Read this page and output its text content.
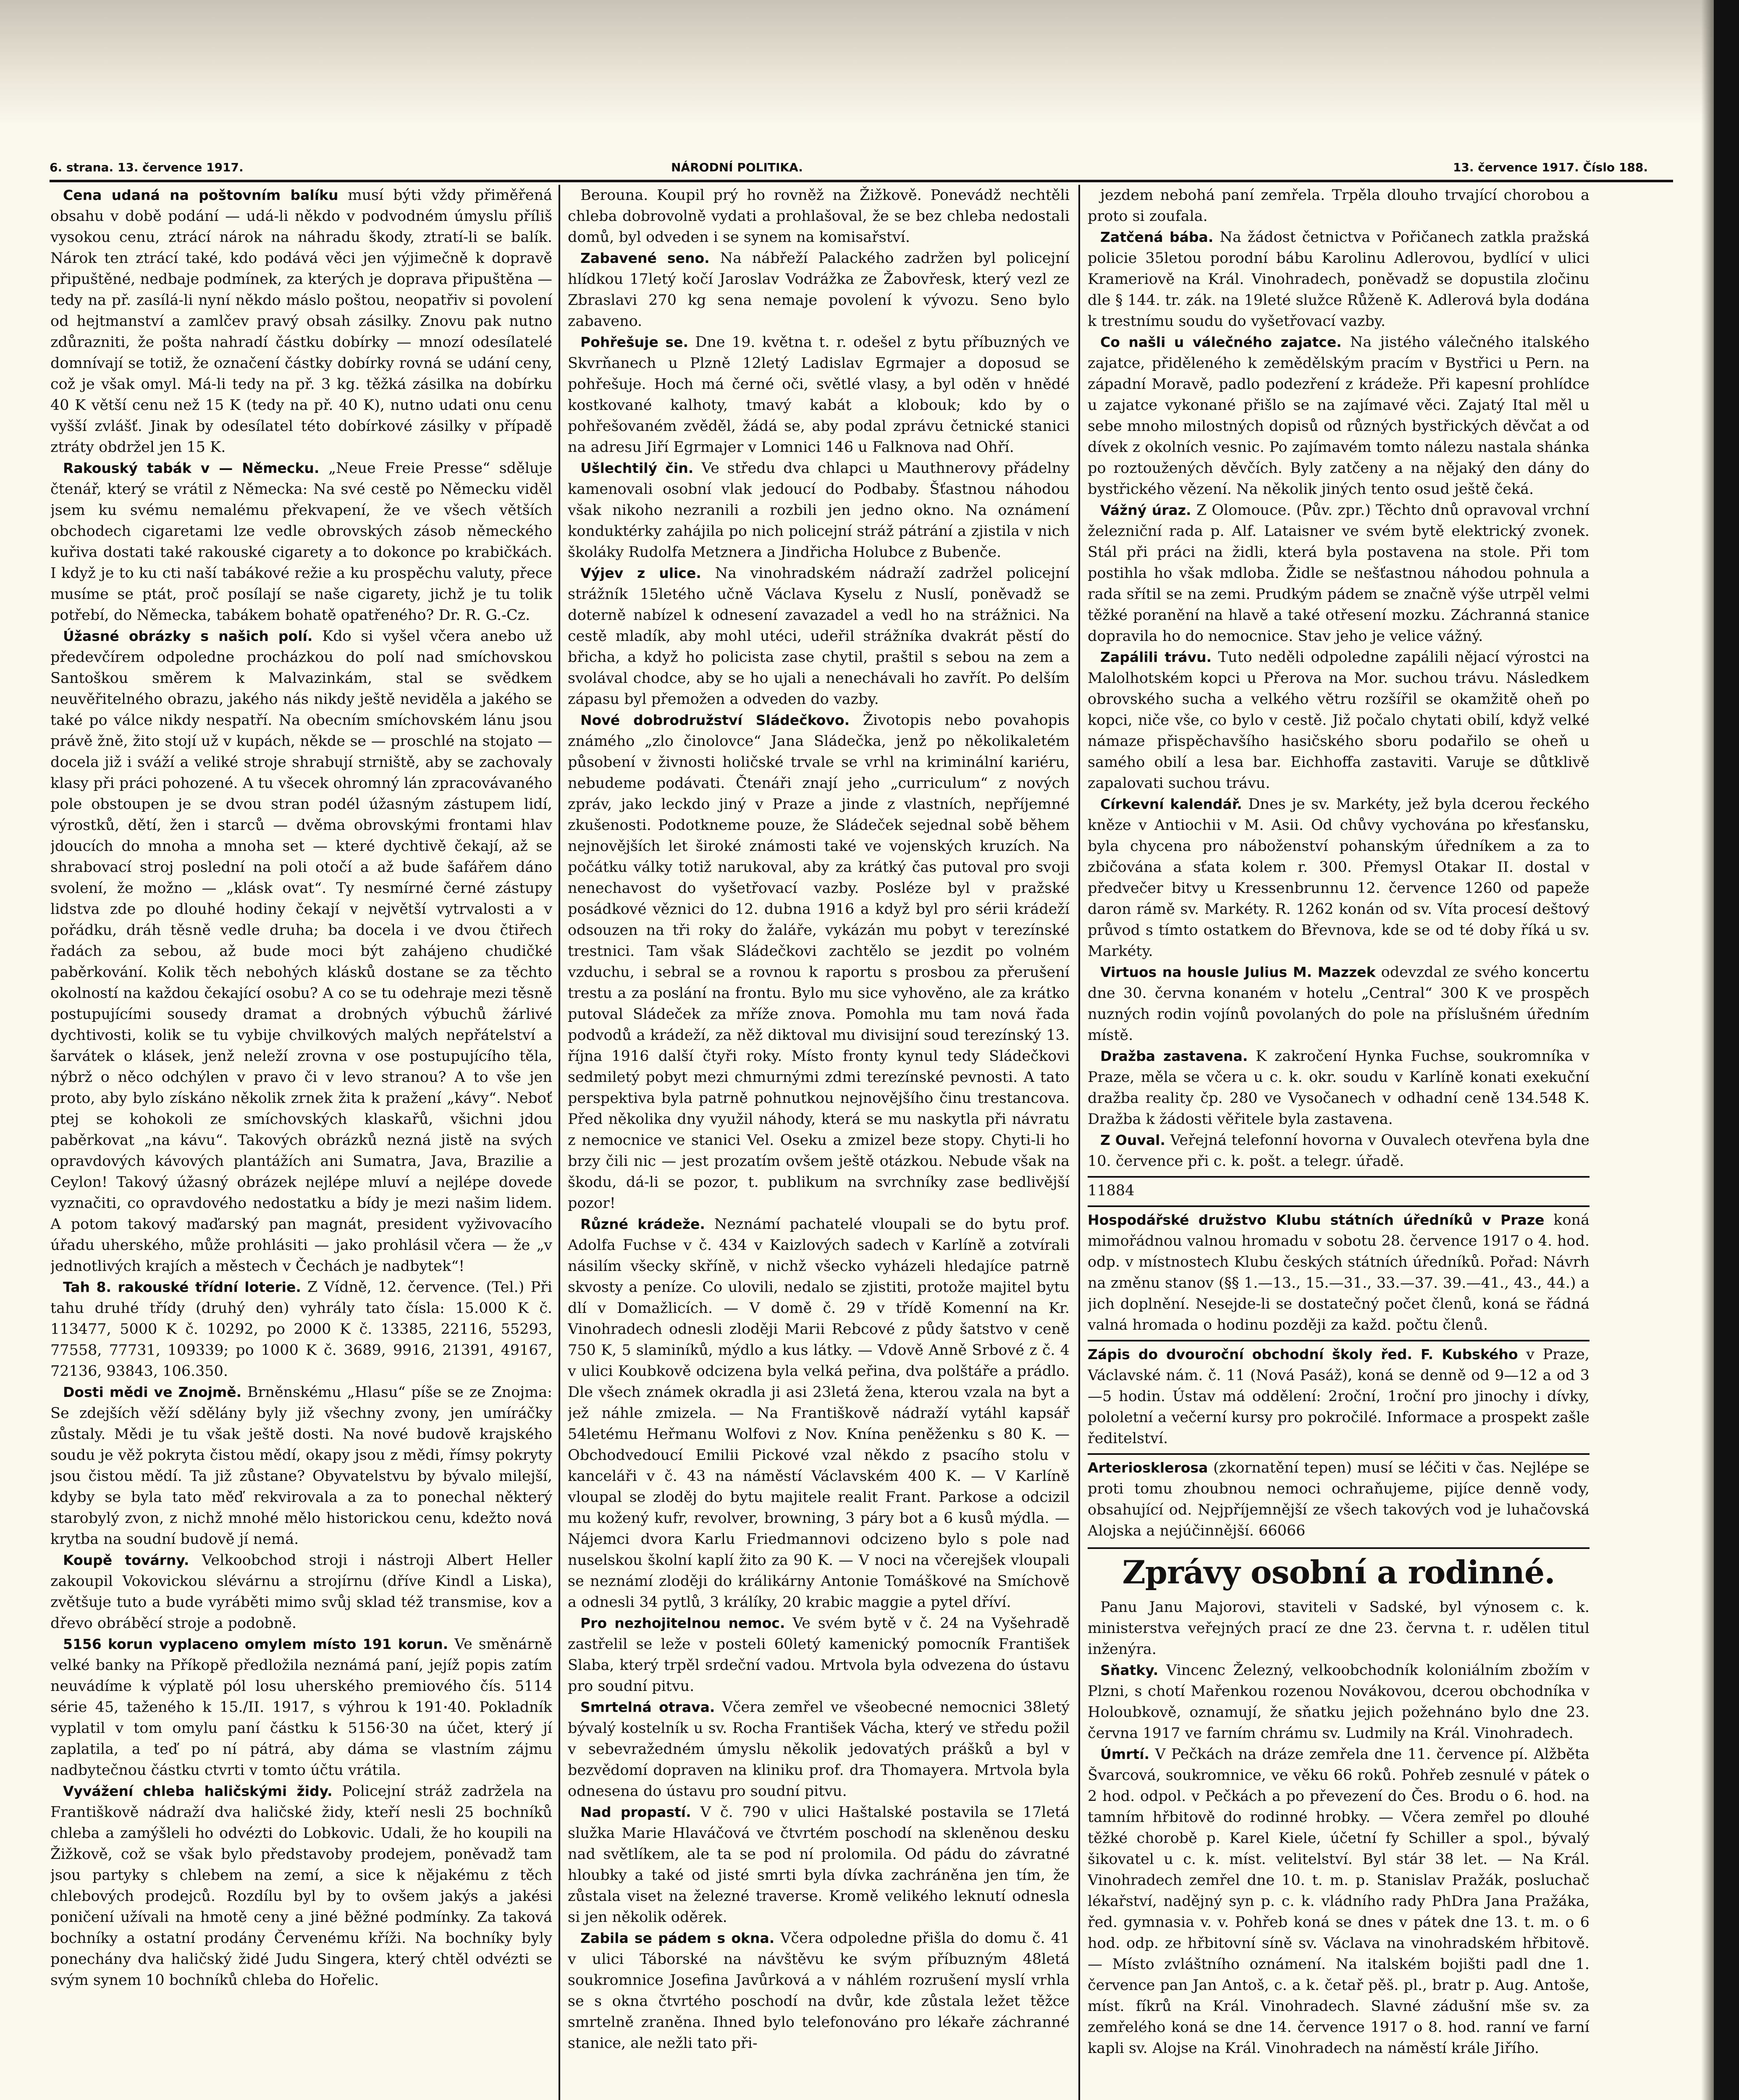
6. strana. 13. července 1917.	NÁRODNÍ POLITIKA.	13. července 1917. Číslo 188.

Cena udaná na poštovním balíku musí býti vždy přiměřená obsahu v době podání — udá-li někdo v podvodném úmyslu příliš vysokou cenu, ztrácí nárok na náhradu škody, ztratí-li se balík. Nárok ten ztrácí také, kdo podává věci jen výjimečně k dopravě připuštěné, nedbaje podmínek, za kterých je doprava připuštěna — tedy na př. zasílá-li nyní někdo máslo poštou, neopatřiv si povolení od hejtmanství a zamlčev pravý obsah zásilky. Znovu pak nutno zdůrazniti, že pošta nahradí částku dobírky — mnozí odesílatelé domnívají se totiž, že označení částky dobírky rovná se udání ceny, což je však omyl. Má-li tedy na př. 3 kg. těžká zásilka na dobírku 40 K větší cenu než 15 K (tedy na př. 40 K), nutno udati onu cenu vyšší zvlášť. Jinak by odesílatel této dobírkové zásilky v případě ztráty obdržel jen 15 K.

Rakouský tabák v — Německu. „Neue Freie Presse“ sděluje čtenář, který se vrátil z Německa: Na své cestě po Německu viděl jsem ku svému nemalému překvapení, že ve všech větších obchodech cigaretami lze vedle obrovských zásob německého kuřiva dostati také rakouské cigarety a to dokonce po krabičkách. I když je to ku cti naší tabákové režie a ku prospěchu valuty, přece musíme se ptát, proč posílají se naše cigarety, jichž je tu tolik potřebí, do Německa, tabákem bohatě opatřeného? Dr. R. G.-Cz.

Úžasné obrázky s našich polí. Kdo si vyšel včera anebo už předevčírem odpoledne procházkou do polí nad smíchovskou Santoškou směrem k Malvazinkám, stal se svědkem neuvěřitelného obrazu, jakého nás nikdy ještě neviděla a jakého se také po válce nikdy nespatří. Na obecním smíchovském lánu jsou právě žně, žito stojí už v kupách, někde se — proschlé na stojato — docela již i sváží a veliké stroje shrabují strniště, aby se zachovaly klasy při práci pohozené. A tu všecek ohromný lán zpracovávaného pole obstoupen je se dvou stran podél úžasným zástupem lidí, výrostků, dětí, žen i starců — dvěma obrovskými frontami hlav jdoucích do mnoha a mnoha set — které dychtivě čekají, až se shrabovací stroj poslední na poli otočí a až bude šafářem dáno svolení, že možno — „klásk ovat“. Ty nesmírné černé zástupy lidstva zde po dlouhé hodiny čekají v největší vytrvalosti a v pořádku, dráh těsně vedle druha; ba docela i ve dvou čtiřech řadách za sebou, až bude moci být zahájeno chudičké paběrkování. Kolik těch nebohých klásků dostane se za těchto okolností na každou čekající osobu? A co se tu odehraje mezi těsně postupujícími sousedy dramat a drobných výbuchů žárlivé dychtivosti, kolik se tu vybije chvilkových malých nepřátelství a šarvátek o klásek, jenž neleží zrovna v ose postupujícího těla, nýbrž o něco odchýlen v pravo či v levo stranou? A to vše jen proto, aby bylo získáno několik zrnek žita k pražení „kávy“. Neboť ptej se kohokoli ze smíchovských klaskařů, všichni jdou paběrkovat „na kávu“. Takových obrázků nezná jistě na svých opravdových kávových plantážích ani Sumatra, Java, Brazilie a Ceylon! Takový úžasný obrázek nejlépe mluví a nejlépe dovede vyznačiti, co opravdového nedostatku a bídy je mezi našim lidem. A potom takový maďarský pan magnát, president vyživovacího úřadu uherského, může prohlásiti — jako prohlásil včera — že „v jednotlivých krajích a městech v Čechách je nadbytek“!

Tah 8. rakouské třídní loterie. Z Vídně, 12. července. (Tel.) Při tahu druhé třídy (druhý den) vyhrály tato čísla: 15.000 K č. 113477, 5000 K č. 10292, po 2000 K č. 13385, 22116, 55293, 77558, 77731, 109339; po 1000 K č. 3689, 9916, 21391, 49167, 72136, 93843, 106.350.

Dosti mědi ve Znojmě. Brněnskému „Hlasu“ píše se ze Znojma: Se zdejších věží sdělány byly již všechny zvony, jen umíráčky zůstaly. Mědi je tu však ještě dosti. Na nové budově krajského soudu je věž pokryta čistou mědí, okapy jsou z mědi, římsy pokryty jsou čistou mědí. Ta již zůstane? Obyvatelstvu by bývalo milejší, kdyby se byla tato měď rekvirovala a za to ponechal některý starobylý zvon, z nichž mnohé mělo historickou cenu, kdežto nová krytba na soudní budově jí nemá.

Koupě továrny. Velkoobchod stroji i nástroji Albert Heller zakoupil Vokovickou slévárnu a strojírnu (dříve Kindl a Liska), zvětšuje tuto a bude vyráběti mimo svůj sklad též transmise, kov a dřevo obráběcí stroje a podobně.

5156 korun vyplaceno omylem místo 191 korun. Ve směnárně velké banky na Příkopě předložila neznámá paní, jejíž popis zatím neuvádíme k výplatě pól losu uherského premiového čís. 5114 série 45, taženého k 15./II. 1917, s výhrou k 191·40. Pokladník vyplatil v tom omylu paní částku k 5156·30 na účet, který jí zaplatila, a teď po ní pátrá, aby dáma se vlastním zájmu nadbytečnou částku ctvrti v tomto účtu vrátila.

Vyvážení chleba haličskými židy. Policejní stráž zadržela na Františkově nádraží dva haličské židy, kteří nesli 25 bochníků chleba a zamýšleli ho odvézti do Lobkovic. Udali, že ho koupili na Žižkově, což se však bylo představoby prodejem, poněvadž tam jsou partyky s chlebem na zemí, a sice k nějakému z těch chlebových prodejců. Rozdílu byl by to ovšem jakýs a jakési poničení užívali na hmotě ceny a jiné běžné podmínky. Za taková bochníky a ostatní prodány Červenému kříži. Na bochníky byly ponechány dva haličský židé Judu Singera, který chtěl odvézti se svým synem 10 bochníků chleba do Hořelic.

Berouna. Koupil prý ho rovněž na Žižkově. Ponevádž nechtěli chleba dobrovolně vydati a prohlašoval, že se bez chleba nedostali domů, byl odveden i se synem na komisařství.

Zabavené seno. Na nábřeží Palackého zadržen byl policejní hlídkou 17letý kočí Jaroslav Vodrážka ze Žabovřesk, který vezl ze Zbraslavi 270 kg sena nemaje povolení k vývozu. Seno bylo zabaveno.

Pohřešuje se. Dne 19. května t. r. odešel z bytu příbuzných ve Skvrňanech u Plzně 12letý Ladislav Egrmajer a doposud se pohřešuje. Hoch má černé oči, světlé vlasy, a byl oděn v hnědé kostkované kalhoty, tmavý kabát a klobouk; kdo by o pohřešovaném zvěděl, žádá se, aby podal zprávu četnické stanici na adresu Jiří Egrmajer v Lomnici 146 u Falknova nad Ohří.

Ušlechtilý čin. Ve středu dva chlapci u Mauthnerovy přádelny kamenovali osobní vlak jedoucí do Podbaby. Šťastnou náhodou však nikoho nezranili a rozbili jen jedno okno. Na oznámení konduktérky zahájila po nich policejní stráž pátrání a zjistila v nich školáky Rudolfa Metznera a Jindřicha Holubce z Bubenče.

Výjev z ulice. Na vinohradském nádraží zadržel policejní strážník 15letého učně Václava Kyselu z Nuslí, poněvadž se doterně nabízel k odnesení zavazadel a vedl ho na strážnici. Na cestě mladík, aby mohl utéci, udeřil strážníka dvakrát pěstí do břicha, a když ho policista zase chytil, praštil s sebou na zem a svolával chodce, aby se ho ujali a nenechávali ho zavřít. Po delším zápasu byl přemožen a odveden do vazby.

Nové dobrodružství Sládečkovo. Životopis nebo povahopis známého „zlo činolovce“ Jana Sládečka, jenž po několikaletém působení v živnosti holičské trvale se vrhl na kriminální kariéru, nebudeme podávati. Čtenáři znají jeho „curriculum“ z nových zpráv, jako leckdo jiný v Praze a jinde z vlastních, nepříjemné zkušenosti. Podotkneme pouze, že Sládeček sejednal sobě během nejnovějších let široké známosti také ve vojenských kruzích. Na počátku války totiž narukoval, aby za krátký čas putoval pro svoji nenechavost do vyšetřovací vazby. Posléze byl v pražské posádkové věznici do 12. dubna 1916 a když byl pro sérii krádeží odsouzen na tři roky do žaláře, vykázán mu pobyt v terezínské trestnici. Tam však Sládečkovi zachtělo se jezdit po volném vzduchu, i sebral se a rovnou k raportu s prosbou za přerušení trestu a za poslání na frontu. Bylo mu sice vyhověno, ale za krátko putoval Sládeček za mříže znova. Pomohla mu tam nová řada podvodů a krádeží, za něž diktoval mu divisijní soud terezínský 13. října 1916 další čtyři roky. Místo fronty kynul tedy Sládečkovi sedmiletý pobyt mezi chmurnými zdmi terezínské pevnosti. A tato perspektiva byla patrně pohnutkou nejnovějšího činu trestancova. Před několika dny využil náhody, která se mu naskytla při návratu z nemocnice ve stanici Vel. Oseku a zmizel beze stopy. Chyti-li ho brzy čili nic — jest prozatím ovšem ještě otázkou. Nebude však na škodu, dá-li se pozor, t. publikum na svrchníky zase bedlivější pozor!

Různé krádeže. Neznámí pachatelé vloupali se do bytu prof. Adolfa Fuchse v č. 434 v Kaizlových sadech v Karlíně a zotvírali násilím všecky skříně, v nichž všecko vyházeli hledajíce patrně skvosty a peníze. Co ulovili, nedalo se zjistiti, protože majitel bytu dlí v Domažlicích. — V domě č. 29 v třídě Komenní na Kr. Vinohradech odnesli zloději Marii Rebcové z půdy šatstvo v ceně 750 K, 5 slaminíků, mýdlo a kus látky. — Vdově Anně Srbové z č. 4 v ulici Koubkově odcizena byla velká peřina, dva polštáře a prádlo. Dle všech známek okradla ji asi 23letá žena, kterou vzala na byt a jež náhle zmizela. — Na Františkově nádraží vytáhl kapsář 54letému Heřmanu Wolfovi z Nov. Knína peněženku s 80 K. — Obchodvedoucí Emilii Pickové vzal někdo z psacího stolu v kanceláři v č. 43 na náměstí Václavském 400 K. — V Karlíně vloupal se zloděj do bytu majitele realit Frant. Parkose a odcizil mu kožený kufr, revolver, browning, 3 páry bot a 6 kusů mýdla. — Nájemci dvora Karlu Friedmannovi odcizeno bylo s pole nad nuselskou školní kaplí žito za 90 K. — V noci na včerejšek vloupali se neznámí zloději do králikárny Antonie Tomáškové na Smíchově a odnesli 34 pytlů, 3 králíky, 20 krabic maggie a pytel dříví.

Pro nezhojitelnou nemoc. Ve svém bytě v č. 24 na Vyšehradě zastřelil se leže v posteli 60letý kamenický pomocník František Slaba, který trpěl srdeční vadou. Mrtvola byla odvezena do ústavu pro soudní pitvu.

Smrtelná otrava. Včera zemřel ve všeobecné nemocnici 38letý bývalý kostelník u sv. Rocha František Vácha, který ve středu požil v sebevražedném úmyslu několik jedovatých prášků a byl v bezvědomí dopraven na kliniku prof. dra Thomayera. Mrtvola byla odnesena do ústavu pro soudní pitvu.

Nad propastí. V č. 790 v ulici Haštalské postavila se 17letá služka Marie Hlaváčová ve čtvrtém poschodí na skleněnou desku nad světlíkem, ale ta se pod ní prolomila. Od pádu do závratné hloubky a také od jisté smrti byla dívka zachráněna jen tím, že zůstala viset na železné traverse. Kromě velikého leknutí odnesla si jen několik oděrek.

Zabila se pádem s okna. Včera odpoledne přišla do domu č. 41 v ulici Táborské na návštěvu ke svým příbuzným 48letá soukromnice Josefina Javůrková a v náhlém rozrušení myslí vrhla se s okna čtvrtého poschodí na dvůr, kde zůstala ležet těžce smrtelně zraněna. Ihned bylo telefonováno pro lékaře záchranné stanice, ale nežli tato při-

jezdem nebohá paní zemřela. Trpěla dlouho trvající chorobou a proto si zoufala.

Zatčená bába. Na žádost četnictva v Pořičanech zatkla pražská policie 35letou porodní bábu Karolinu Adlerovou, bydlící v ulici Krameriově na Král. Vinohradech, poněvadž se dopustila zločinu dle § 144. tr. zák. na 19leté služce Růženě K. Adlerová byla dodána k trestnímu soudu do vyšetřovací vazby.

Co našli u válečného zajatce. Na jistého válečného italského zajatce, přiděleného k zemědělským pracím v Bystřici u Pern. na západní Moravě, padlo podezření z krádeže. Při kapesní prohlídce u zajatce vykonané přišlo se na zajímavé věci. Zajatý Ital měl u sebe mnoho milostných dopisů od různých bystřických děvčat a od dívek z okolních vesnic. Po zajímavém tomto nálezu nastala shánka po roztoužených děvčích. Byly zatčeny a na nějaký den dány do bystřického vězení. Na několik jiných tento osud ještě čeká.

Vážný úraz. Z Olomouce. (Pův. zpr.) Těchto dnů opravoval vrchní železniční rada p. Alf. Lataisner ve svém bytě elektrický zvonek. Stál při práci na židli, která byla postavena na stole. Při tom postihla ho však mdloba. Židle se nešťastnou náhodou pohnula a rada sřítil se na zemi. Prudkým pádem se značně výše utrpěl velmi těžké poranění na hlavě a také otřesení mozku. Záchranná stanice dopravila ho do nemocnice. Stav jeho je velice vážný.

Zapálili trávu. Tuto neděli odpoledne zapálili nějací výrostci na Malolhotském kopci u Přerova na Mor. suchou trávu. Následkem obrovského sucha a velkého větru rozšířil se okamžitě oheň po kopci, niče vše, co bylo v cestě. Již počalo chytati obilí, když velké námaze přispěchavšího hasičského sboru podařilo se oheň u samého obilí a lesa bar. Eichhoffa zastaviti. Varuje se důtklivě zapalovati suchou trávu.

Církevní kalendář. Dnes je sv. Markéty, jež byla dcerou řeckého kněze v Antiochii v M. Asii. Od chůvy vychována po křesťansku, byla chycena pro náboženství pohanským úředníkem a za to zbičována a sťata kolem r. 300. Přemysl Otakar II. dostal v předvečer bitvy u Kressenbrunnu 12. července 1260 od papeže daron rámě sv. Markéty. R. 1262 konán od sv. Víta procesí deštový průvod s tímto ostatkem do Břevnova, kde se od té doby říká u sv. Markéty.

Virtuos na housle Julius M. Mazzek odevzdal ze svého koncertu dne 30. června konaném v hotelu „Central“ 300 K ve prospěch nuzných rodin vojínů povolaných do pole na příslušném úředním místě.

Dražba zastavena. K zakročení Hynka Fuchse, soukromníka v Praze, měla se včera u c. k. okr. soudu v Karlíně konati exekuční dražba reality čp. 280 ve Vysočanech v odhadní ceně 134.548 K. Dražba k žádosti věřitele byla zastavena.

Z Ouval. Veřejná telefonní hovorna v Ouvalech otevřena byla dne 10. července při c. k. pošt. a telegr. úřadě.

11884

Hospodářské družstvo Klubu státních úředníků v Praze koná mimořádnou valnou hromadu v sobotu 28. července 1917 o 4. hod. odp. v místnostech Klubu českých státních úředníků. Pořad: Návrh na změnu stanov (§§ 1.—13., 15.—31., 33.—37. 39.—41., 43., 44.) a jich doplnění. Nesejde-li se dostatečný počet členů, koná se řádná valná hromada o hodinu později za každ. počtu členů.

Zápis do dvouroční obchodní školy řed. F. Kubského v Praze, Václavské nám. č. 11 (Nová Pasáž), koná se denně od 9—12 a od 3—5 hodin. Ústav má oddělení: 2roční, 1roční pro jinochy i dívky, pololetní a večerní kursy pro pokročilé. Informace a prospekt zašle ředitelství.

Arteriosklerosa (zkornatění tepen) musí se léčiti v čas. Nejlépe se proti tomu zhoubnou nemoci ochraňujeme, pijíce denně vody, obsahující od. Nejpříjemnější ze všech takových vod je luhačovská Alojska a nejúčinnější. 66066

Zprávy osobní a rodinné.

Panu Janu Majorovi, staviteli v Sadské, byl výnosem c. k. ministerstva veřejných prací ze dne 23. června t. r. udělen titul inženýra.

Sňatky. Vincenc Železný, velkoobchodník koloniálním zbožím v Plzni, s chotí Mařenkou rozenou Novákovou, dcerou obchodníka v Holoubkově, oznamují, že sňatku jejich požehnáno bylo dne 23. června 1917 ve farním chrámu sv. Ludmily na Král. Vinohradech.

Úmrtí. V Pečkách na dráze zemřela dne 11. července pí. Alžběta Švarcová, soukromnice, ve věku 66 roků. Pohřeb zesnulé v pátek o 2 hod. odpol. v Pečkách a po převezení do Čes. Brodu o 6. hod. na tamním hřbitově do rodinné hrobky. — Včera zemřel po dlouhé těžké chorobě p. Karel Kiele, účetní fy Schiller a spol., bývalý šikovatel u c. k. míst. velitelství. Byl stár 38 let. — Na Král. Vinohradech zemřel dne 10. t. m. p. Stanislav Pražák, posluchač lékařství, nadějný syn p. c. k. vládního rady PhDra Jana Pražáka, řed. gymnasia v. v. Pohřeb koná se dnes v pátek dne 13. t. m. o 6 hod. odp. ze hřbitovní síně sv. Václava na vinohradském hřbitově. — Místo zvláštního oznámení. Na italském bojišti padl dne 1. července pan Jan Antoš, c. a k. četař pěš. pl., bratr p. Aug. Antoše, míst. fíkrů na Král. Vinohradech. Slavné zádušní mše sv. za zemřelého koná se dne 14. července 1917 o 8. hod. ranní ve farní kapli sv. Alojse na Král. Vinohradech na náměstí krále Jiřího.
